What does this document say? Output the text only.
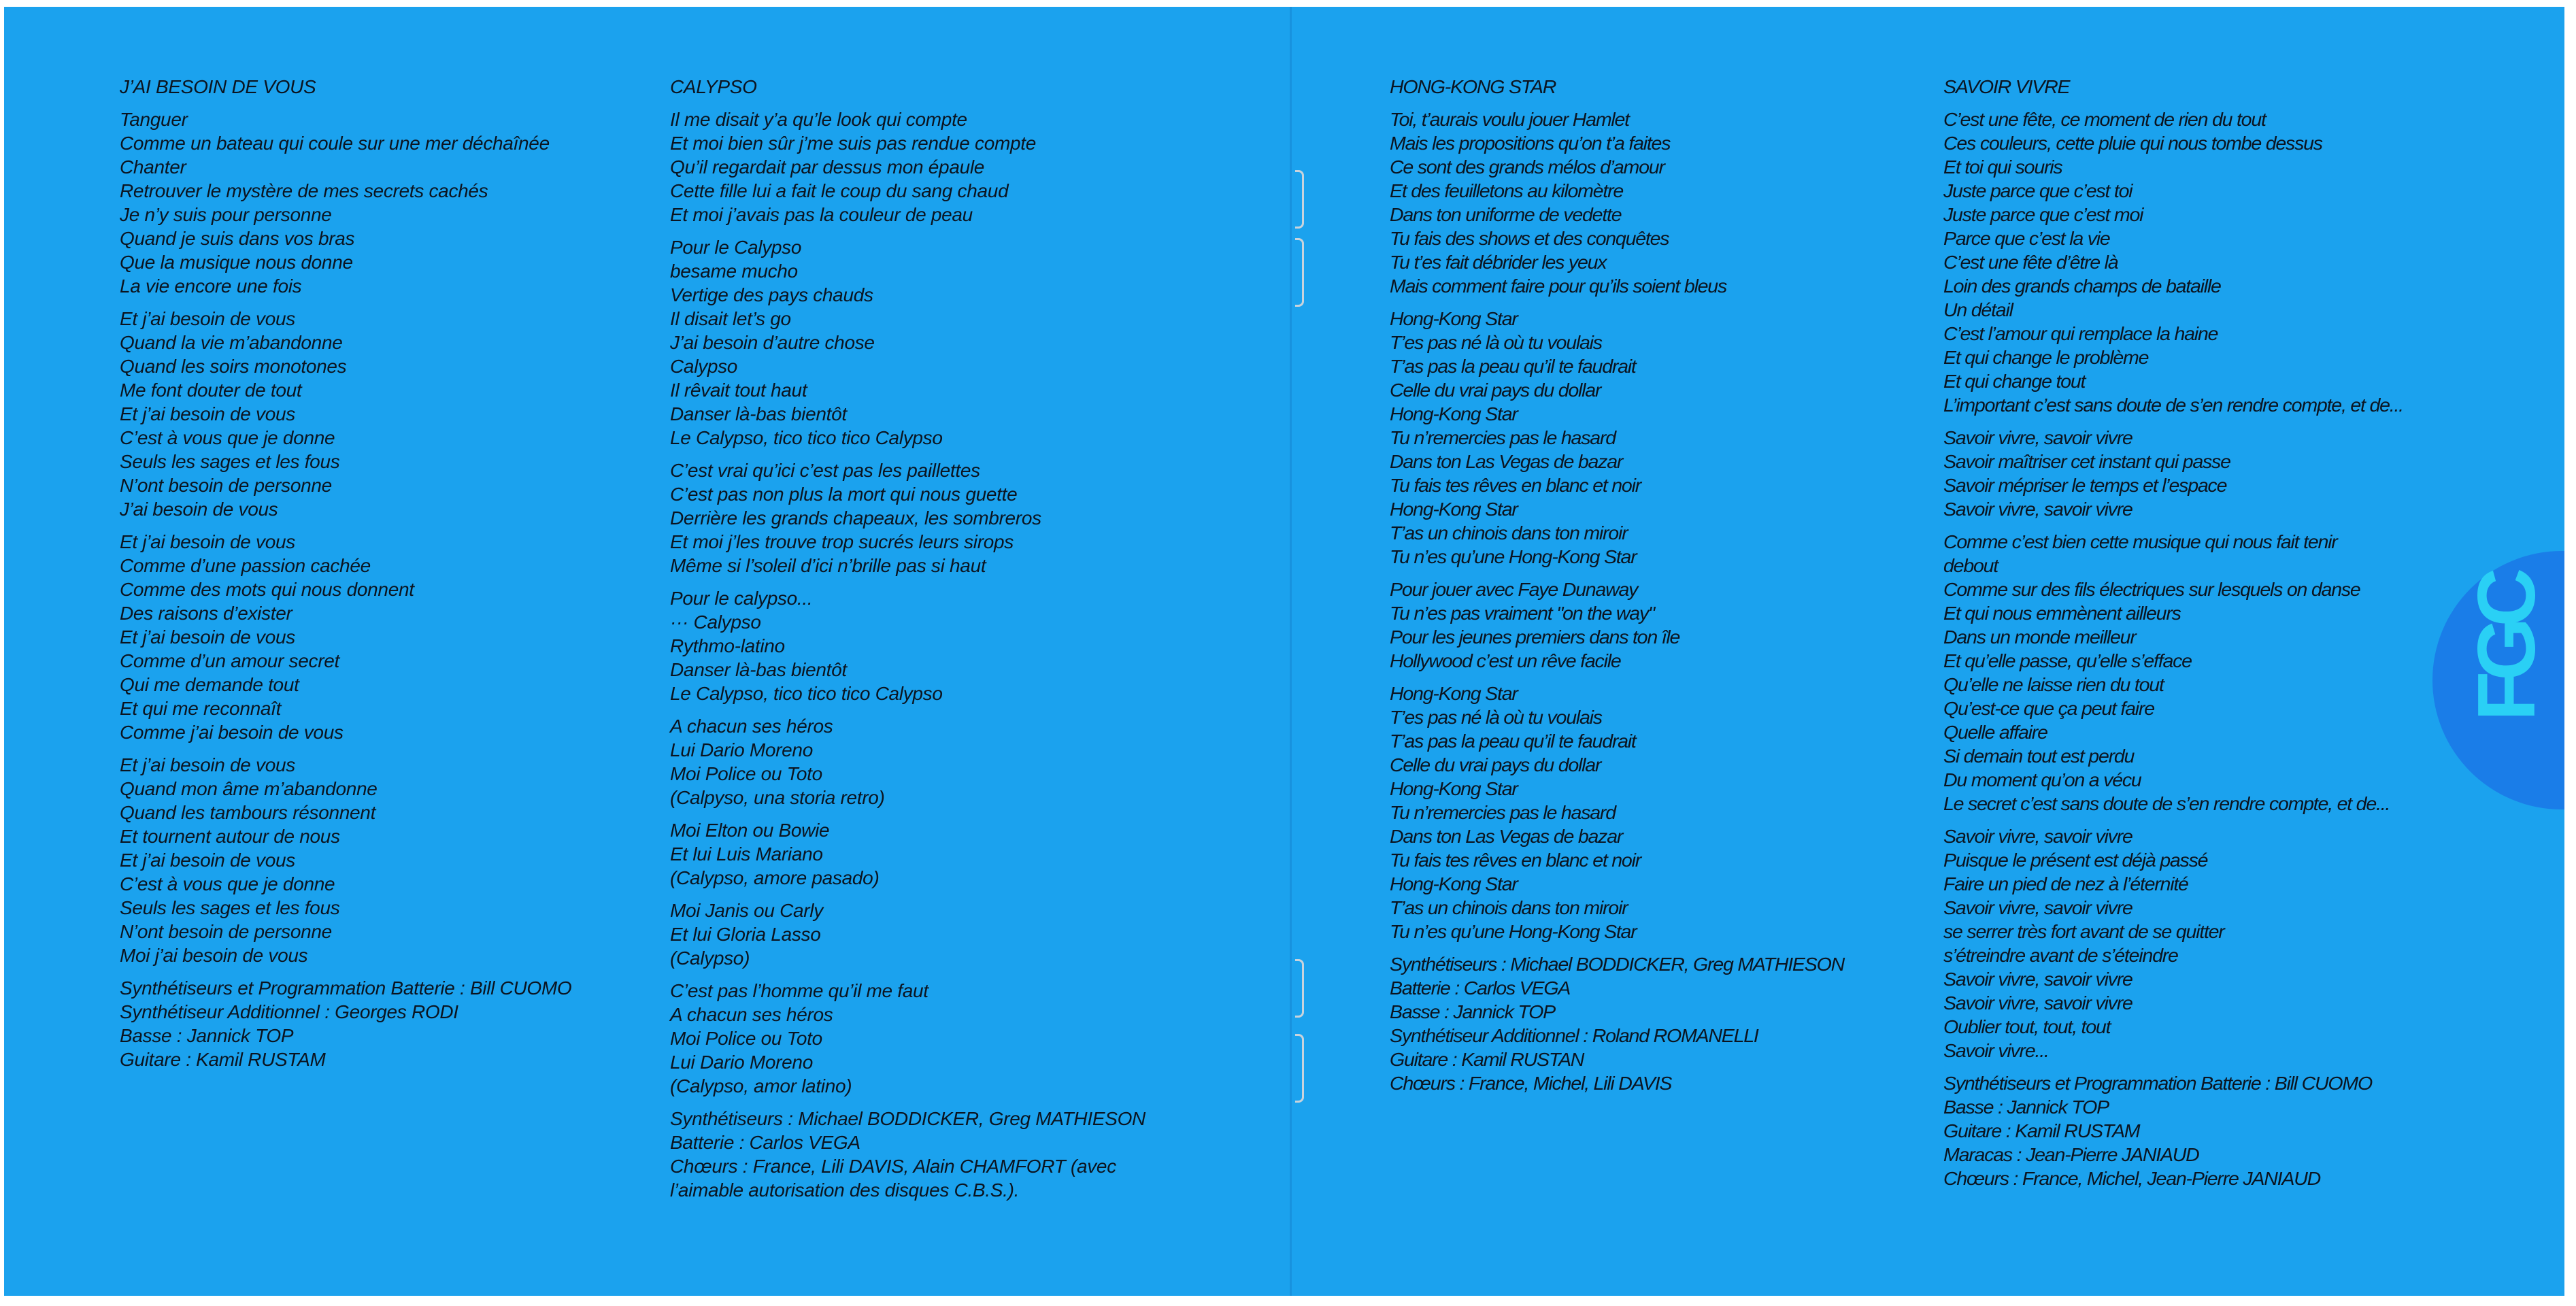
J’AI BESOIN DE VOUS
Tanguer
Comme un bateau qui coule sur une mer déchaînée
Chanter
Retrouver le mystère de mes secrets cachés
Je n’y suis pour personne
Quand je suis dans vos bras
Que la musique nous donne
La vie encore une fois
Et j’ai besoin de vous
Quand la vie m’abandonne
Quand les soirs monotones
Me font douter de tout
Et j’ai besoin de vous
C’est à vous que je donne
Seuls les sages et les fous
N’ont besoin de personne
J’ai besoin de vous
Et j’ai besoin de vous
Comme d’une passion cachée
Comme des mots qui nous donnent
Des raisons d’exister
Et j’ai besoin de vous
Comme d’un amour secret
Qui me demande tout
Et qui me reconnaît
Comme j’ai besoin de vous
Et j’ai besoin de vous
Quand mon âme m’abandonne
Quand les tambours résonnent
Et tournent autour de nous
Et j’ai besoin de vous
C’est à vous que je donne
Seuls les sages et les fous
N’ont besoin de personne
Moi j’ai besoin de vous
Synthétiseurs et Programmation Batterie : Bill CUOMO
Synthétiseur Additionnel : Georges RODI
Basse : Jannick TOP
Guitare : Kamil RUSTAM
CALYPSO
Il me disait y’a qu’le look qui compte
Et moi bien sûr j’me suis pas rendue compte
Qu’il regardait par dessus mon épaule
Cette fille lui a fait le coup du sang chaud
Et moi j’avais pas la couleur de peau
Pour le Calypso
besame mucho
Vertige des pays chauds
Il disait let’s go
J’ai besoin d’autre chose
Calypso
Il rêvait tout haut
Danser là-bas bientôt
Le Calypso, tico tico tico Calypso
C’est vrai qu’ici c’est pas les paillettes
C’est pas non plus la mort qui nous guette
Derrière les grands chapeaux, les sombreros
Et moi j’les trouve trop sucrés leurs sirops
Même si l’soleil d’ici n’brille pas si haut
Pour le calypso...
··· Calypso
Rythmo-latino
Danser là-bas bientôt
Le Calypso, tico tico tico Calypso
A chacun ses héros
Lui Dario Moreno
Moi Police ou Toto
(Calpyso, una storia retro)
Moi Elton ou Bowie
Et lui Luis Mariano
(Calypso, amore pasado)
Moi Janis ou Carly
Et lui Gloria Lasso
(Calypso)
C’est pas l’homme qu’il me faut
A chacun ses héros
Moi Police ou Toto
Lui Dario Moreno
(Calypso, amor latino)
Synthétiseurs : Michael BODDICKER, Greg MATHIESON
Batterie : Carlos VEGA
Chœurs : France, Lili DAVIS, Alain CHAMFORT (avec
l’aimable autorisation des disques C.B.S.).
HONG-KONG STAR
Toi, t’aurais voulu jouer Hamlet
Mais les propositions qu’on t’a faites
Ce sont des grands mélos d’amour
Et des feuilletons au kilomètre
Dans ton uniforme de vedette
Tu fais des shows et des conquêtes
Tu t’es fait débrider les yeux
Mais comment faire pour qu’ils soient bleus
Hong-Kong Star
T’es pas né là où tu voulais
T’as pas la peau qu’il te faudrait
Celle du vrai pays du dollar
Hong-Kong Star
Tu n’remercies pas le hasard
Dans ton Las Vegas de bazar
Tu fais tes rêves en blanc et noir
Hong-Kong Star
T’as un chinois dans ton miroir
Tu n’es qu’une Hong-Kong Star
Pour jouer avec Faye Dunaway
Tu n’es pas vraiment "on the way"
Pour les jeunes premiers dans ton île
Hollywood c’est un rêve facile
Hong-Kong Star
T’es pas né là où tu voulais
T’as pas la peau qu’il te faudrait
Celle du vrai pays du dollar
Hong-Kong Star
Tu n’remercies pas le hasard
Dans ton Las Vegas de bazar
Tu fais tes rêves en blanc et noir
Hong-Kong Star
T’as un chinois dans ton miroir
Tu n’es qu’une Hong-Kong Star
Synthétiseurs : Michael BODDICKER, Greg MATHIESON
Batterie : Carlos VEGA
Basse : Jannick TOP
Synthétiseur Additionnel : Roland ROMANELLI
Guitare : Kamil RUSTAN
Chœurs : France, Michel, Lili DAVIS
SAVOIR VIVRE
C’est une fête, ce moment de rien du tout
Ces couleurs, cette pluie qui nous tombe dessus
Et toi qui souris
Juste parce que c’est toi
Juste parce que c’est moi
Parce que c’est la vie
C’est une fête d’être là
Loin des grands champs de bataille
Un détail
C’est l’amour qui remplace la haine
Et qui change le problème
Et qui change tout
L’important c’est sans doute de s’en rendre compte, et de...
Savoir vivre, savoir vivre
Savoir maîtriser cet instant qui passe
Savoir mépriser le temps et l’espace
Savoir vivre, savoir vivre
Comme c’est bien cette musique qui nous fait tenir
debout
Comme sur des fils électriques sur lesquels on danse
Et qui nous emmènent ailleurs
Dans un monde meilleur
Et qu’elle passe, qu’elle s’efface
Qu’elle ne laisse rien du tout
Qu’est-ce que ça peut faire
Quelle affaire
Si demain tout est perdu
Du moment qu’on a vécu
Le secret c’est sans doute de s’en rendre compte, et de...
Savoir vivre, savoir vivre
Puisque le présent est déjà passé
Faire un pied de nez à l’éternité
Savoir vivre, savoir vivre
se serrer très fort avant de se quitter
s’étreindre avant de s’éteindre
Savoir vivre, savoir vivre
Savoir vivre, savoir vivre
Oublier tout, tout, tout
Savoir vivre...
Synthétiseurs et Programmation Batterie : Bill CUOMO
Basse : Jannick TOP
Guitare : Kamil RUSTAM
Maracas : Jean-Pierre JANIAUD
Chœurs : France, Michel, Jean-Pierre JANIAUD
FGC
